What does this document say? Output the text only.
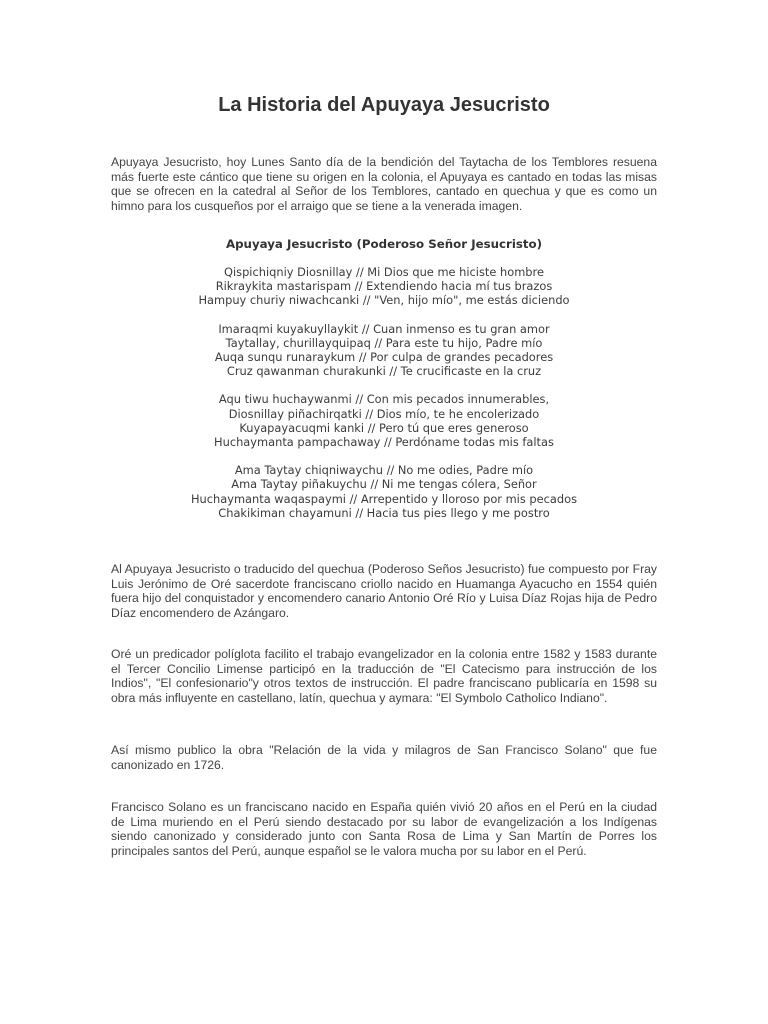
La Historia del Apuyaya Jesucristo

Apuyaya Jesucristo, hoy Lunes Santo día de la bendición del Taytacha de los Temblores resuena más fuerte este cántico que tiene su origen en la colonia, el Apuyaya es cantado en todas las misas que se ofrecen en la catedral al Señor de los Temblores, cantado en quechua y que es como un himno para los cusqueños por el arraigo que se tiene a la venerada imagen.

Apuyaya Jesucristo (Poderoso Señor Jesucristo)
Qispichiqniy Diosnillay // Mi Dios que me hiciste hombre
Rikraykita mastarispam // Extendiendo hacia mí tus brazos
Hampuy churiy niwachcanki // "Ven, hijo mío", me estás diciendo
Imaraqmi kuyakuyllaykit // Cuan inmenso es tu gran amor
Taytallay, churillayquipaq // Para este tu hijo, Padre mío
Auqa sunqu runaraykum // Por culpa de grandes pecadores
Cruz qawanman churakunki // Te crucificaste en la cruz
Aqu tiwu huchaywanmi // Con mis pecados innumerables,
Diosnillay piñachirqatki // Dios mío, te he encolerizado
Kuyapayacuqmi kanki // Pero tú que eres generoso
Huchaymanta pampachaway // Perdóname todas mis faltas
Ama Taytay chiqniwaychu // No me odies, Padre mío
Ama Taytay piñakuychu // Ni me tengas cólera, Señor
Huchaymanta waqaspaymi // Arrepentido y lloroso por mis pecados
Chakikiman chayamuni // Hacia tus pies llego y me postro

Al Apuyaya Jesucristo o traducido del quechua (Poderoso Seños Jesucristo) fue compuesto por Fray Luis Jerónimo de Oré sacerdote franciscano criollo nacido en Huamanga Ayacucho en 1554 quién fuera hijo del conquistador y encomendero canario Antonio Oré Río y Luisa Díaz Rojas hija de Pedro Díaz encomendero de Azángaro.

Oré un predicador políglota facilito el trabajo evangelizador en la colonia entre 1582 y 1583 durante el Tercer Concilio Limense participó en la traducción de "El Catecismo para instrucción de los Indios", "El confesionario"y otros textos de instrucción. El padre franciscano publicaría en 1598 su obra más influyente en castellano, latín, quechua y aymara: "El Symbolo Catholico Indiano".

Así mismo publico la obra "Relación de la vida y milagros de San Francisco Solano" que fue canonizado en 1726.

Francisco Solano es un franciscano nacido en España quién vivió 20 años en el Perú en la ciudad de Lima muriendo en el Perú siendo destacado por su labor de evangelización a los Indígenas siendo canonizado y considerado junto con Santa Rosa de Lima y San Martín de Porres los principales santos del Perú, aunque español se le valora mucha por su labor en el Perú.
